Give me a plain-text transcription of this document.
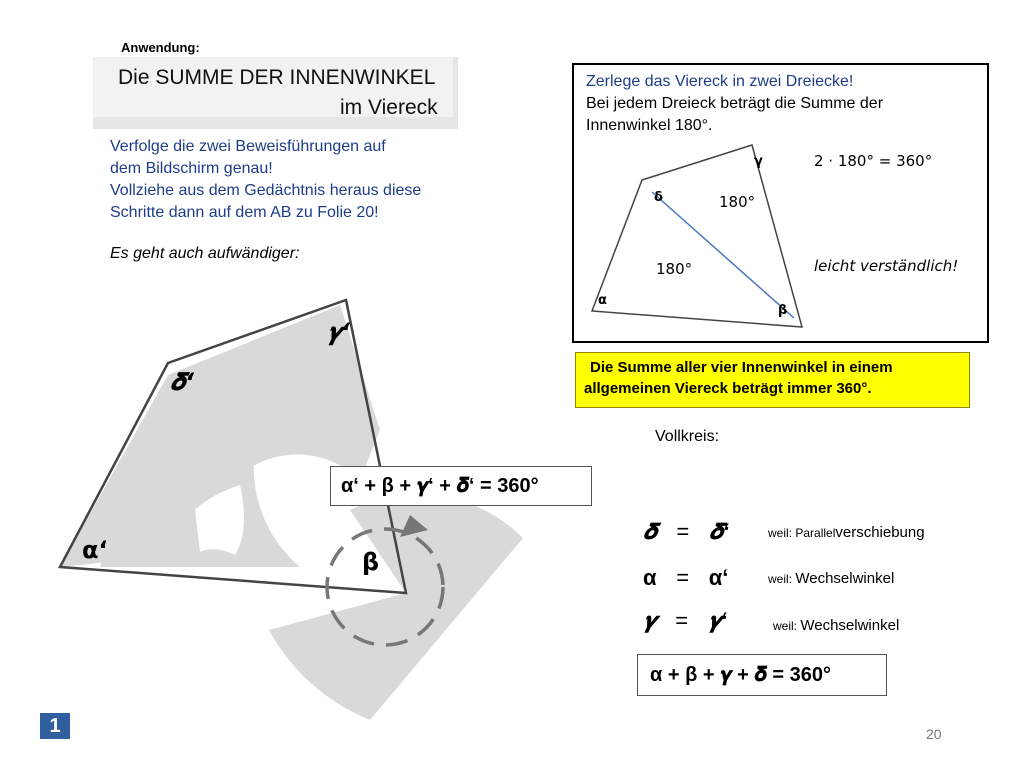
Anwendung:
Die SUMME DER INNENWINKEL
im Viereck
Verfolge die zwei Beweisführungen auf
dem Bildschirm genau!
Vollziehe aus dem Gedächtnis heraus diese
Schritte dann auf dem AB zu Folie 20!
Es geht auch aufwändiger:
𝜸‘
𝜹‘
α‘	β
α‘ + β + 𝜸‘ + 𝜹‘ = 360°
Zerlege das Viereck in zwei Dreiecke!
Bei jedem Dreieck beträgt die Summe der
Innenwinkel 180°.
γ
δ
α
β
180°
180°
2 · 180° = 360°
leicht verständlich!
Die Summe aller vier Innenwinkel in einem
allgemeinen Viereck beträgt immer 360°.
Vollkreis:
𝜹 = 𝜹‘	weil: Parallelverschiebung
α = α‘	weil: Wechselwinkel
𝜸 = 𝜸‘	weil: Wechselwinkel
α + β + 𝜸 + 𝜹 = 360°
1	20
